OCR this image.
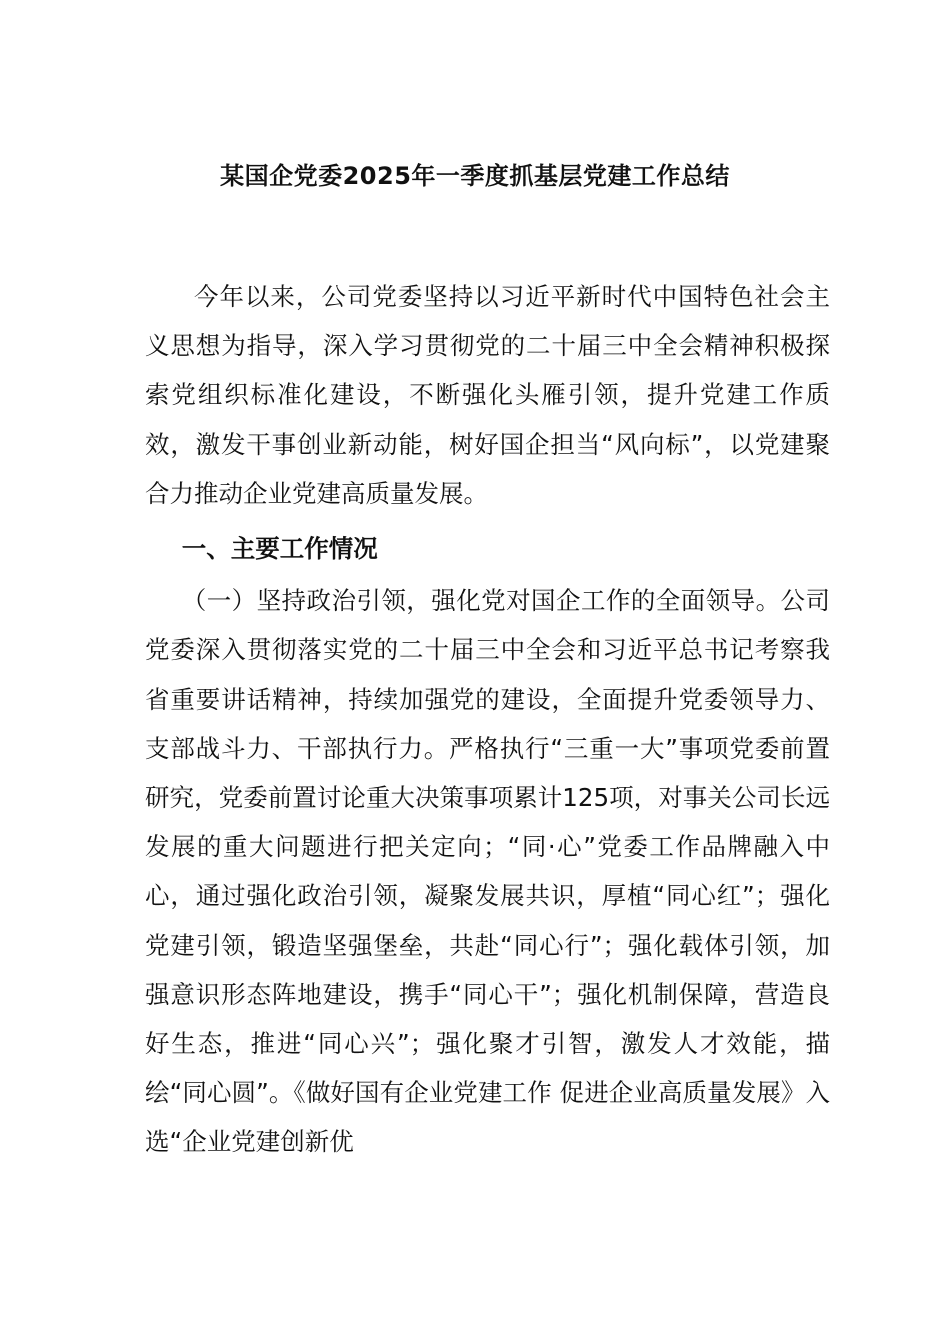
某国企党委2025年一季度抓基层党建工作总结

今年以来，公司党委坚持以习近平新时代中国特色社会主义思想为指导，深入学习贯彻党的二十届三中全会精神积极探索党组织标准化建设，不断强化头雁引领，提升党建工作质效，激发干事创业新动能，树好国企担当“风向标”，以党建聚合力推动企业党建高质量发展。

一、主要工作情况

（一）坚持政治引领，强化党对国企工作的全面领导。公司党委深入贯彻落实党的二十届三中全会和习近平总书记考察我省重要讲话精神，持续加强党的建设，全面提升党委领导力、支部战斗力、干部执行力。严格执行“三重一大”事项党委前置研究，党委前置讨论重大决策事项累计125项，对事关公司长远发展的重大问题进行把关定向；“同·心”党委工作品牌融入中心，通过强化政治引领，凝聚发展共识，厚植“同心红”；强化党建引领，锻造坚强堡垒，共赴“同心行”；强化载体引领，加强意识形态阵地建设，携手“同心干”；强化机制保障，营造良好生态，推进“同心兴”；强化聚才引智，激发人才效能，描绘“同心圆”。《做好国有企业党建工作 促进企业高质量发展》入选“企业党建创新优
